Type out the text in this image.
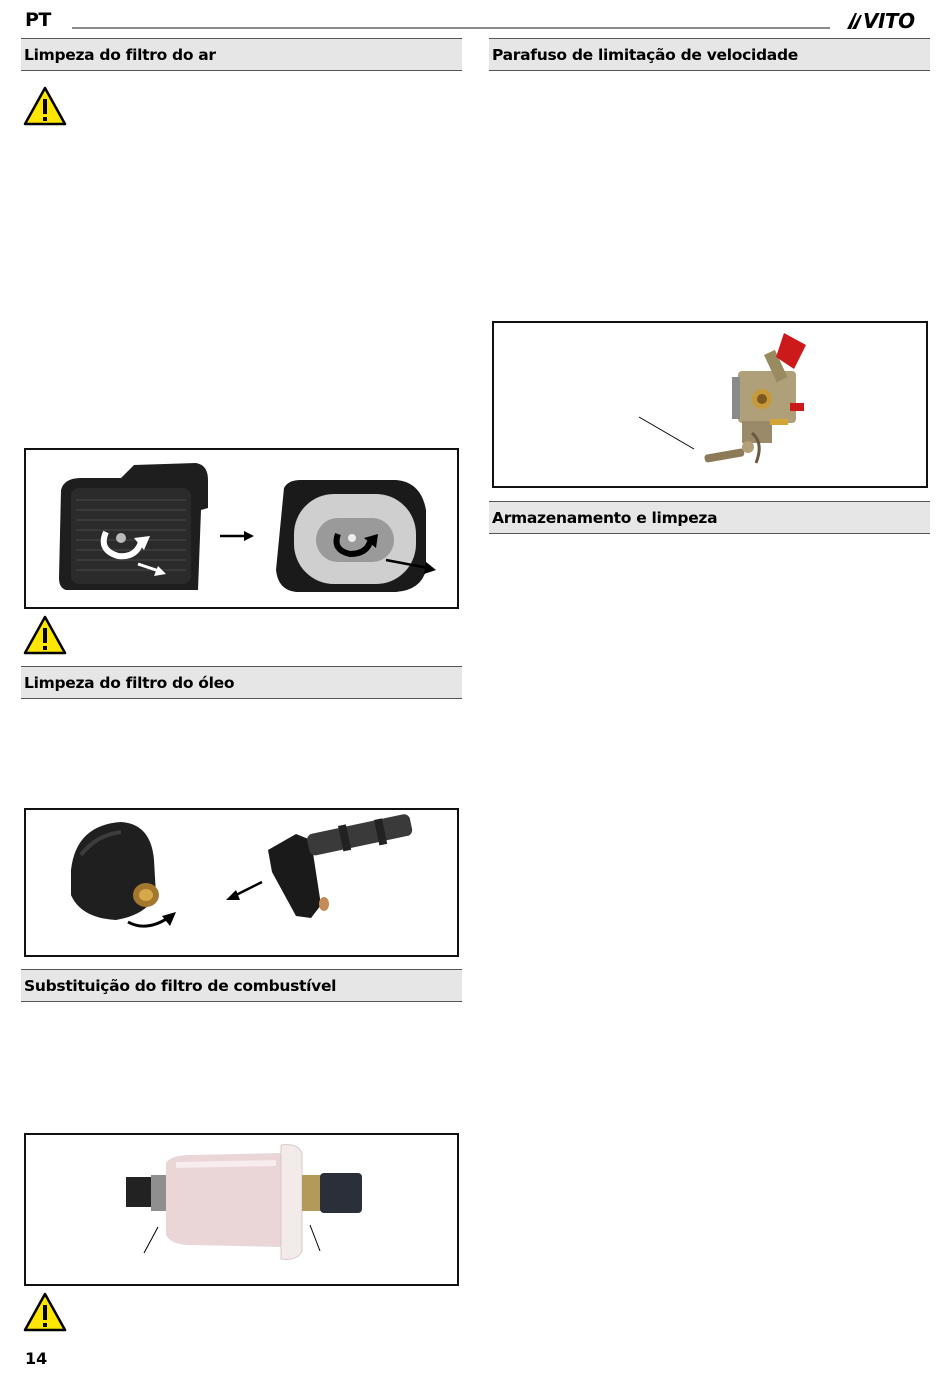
PT	VITO
Limpeza do filtro do ar
Limpeza do filtro do óleo
Substituição do filtro de combustível
14
Parafuso de limitação de velocidade
Armazenamento e limpeza
